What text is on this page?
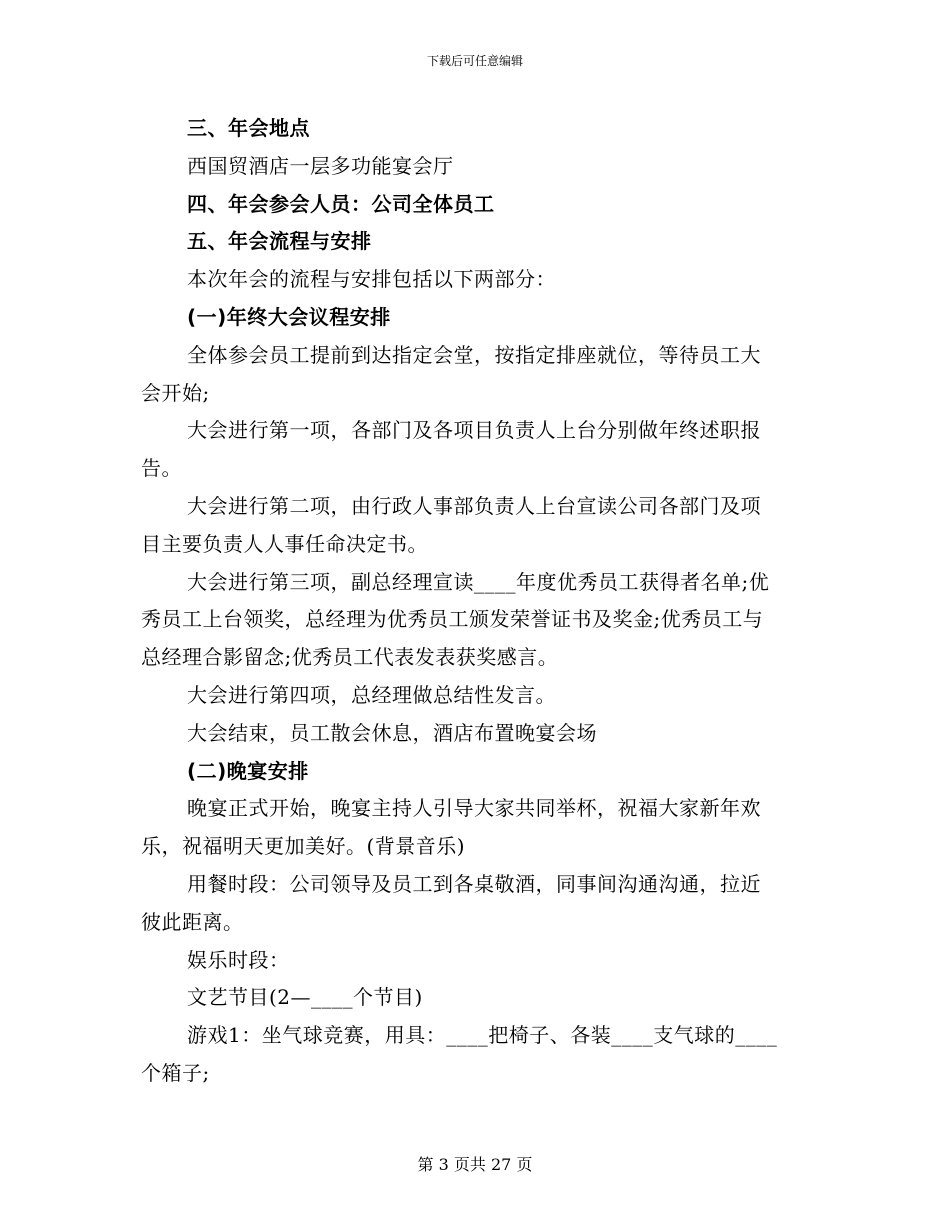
下载后可任意编辑
三、年会地点
西国贸酒店一层多功能宴会厅
四、年会参会人员：公司全体员工
五、年会流程与安排
本次年会的流程与安排包括以下两部分：
(一)年终大会议程安排
全体参会员工提前到达指定会堂，按指定排座就位，等待员工大
会开始;
大会进行第一项，各部门及各项目负责人上台分别做年终述职报
告。
大会进行第二项，由行政人事部负责人上台宣读公司各部门及项
目主要负责人人事任命决定书。
大会进行第三项，副总经理宣读____年度优秀员工获得者名单;优
秀员工上台领奖，总经理为优秀员工颁发荣誉证书及奖金;优秀员工与
总经理合影留念;优秀员工代表发表获奖感言。
大会进行第四项，总经理做总结性发言。
大会结束，员工散会休息，酒店布置晚宴会场
(二)晚宴安排
晚宴正式开始，晚宴主持人引导大家共同举杯，祝福大家新年欢
乐，祝福明天更加美好。(背景音乐)
用餐时段：公司领导及员工到各桌敬酒，同事间沟通沟通，拉近
彼此距离。
娱乐时段：
文艺节目(2—____个节目)
游戏1：坐气球竞赛，用具：____把椅子、各装____支气球的____
个箱子;
第 3 页共 27 页
